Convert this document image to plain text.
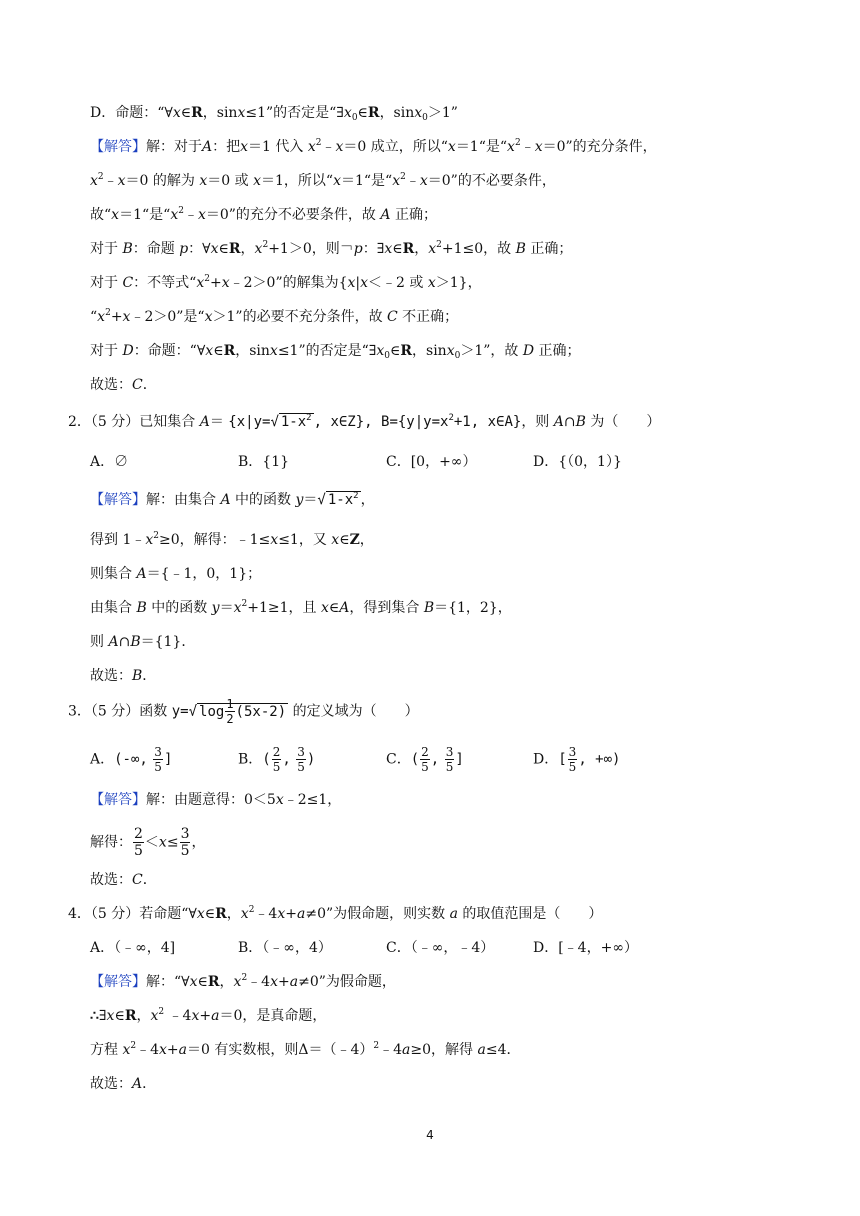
D．命题：“∀x∈R，sinx≤1”的否定是“$\exists x_0\in R$，sinx$_0$＞1”
【解答】解：对于A：把x＝1 代入 $x^2﹣x=0$ 成立，所以“x＝1“是“$x^2﹣x=0$”的充分条件，
$x^2﹣x=0$ 的解为 x＝0 或 x＝1，所以“x＝1“是“$x^2﹣x=0$”的不必要条件，
故“x＝1“是“$x^2﹣x=0$”的充分不必要条件，故 A 正确；
对于 B：命题 p：∀x∈R，$x^2+1>0$，则￢p：∃x∈R，$x^2+1\le 0$，故 B 正确；
对于 C：不等式“$x^2+x﹣2>0$”的解集为{x|x＜﹣2 或 x＞1}，
“$x^2+x﹣2>0$”是“x＞1”的必要不充分条件，故 C 不正确；
对于 D：命题：“∀x∈R，sinx≤1”的否定是“$\exists x_0\in R$，sinx$_0$＞1”，故 D 正确；
故选：C．
2．（5 分）已知集合 A＝ {x|y=√ $1-x^2$ , x∈Z}, $B=\{y|y=x^2+1$, x∈A}，则 A∩B 为（　　）
A．∅	B．{1}	C．[0，+∞）	D．{（0，1）}
【解答】解：由集合 A 中的函数 y＝√ $1-x^2$ ，
得到 $1﹣x^2\ge 0$，解得：﹣1≤x≤1，又 x∈Z，
则集合 A＝{﹣1，0，1}；
由集合 B 中的函数 $y=x^2+1\ge 1$，且 x∈A，得到集合 B＝{1，2}，
则 A∩B＝{1}．
故选：B．
3．（5 分）函数 y=√ $\log \frac{1}{2} (5x-2)$ 的定义域为（　　）
A．(-∞, $\frac{3}{5}$ ]	B．( $\frac{2}{5}$ , $\frac{3}{5}$ )	C．( $\frac{2}{5}$ , $\frac{3}{5}$ ]	D．[ $\frac{3}{5}$ , +∞)
【解答】解：由题意得：0＜5x﹣2≤1，
解得： $\frac{2}{5} <x\le \frac{3}{5}$ ，
故选：C．
4．（5 分）若命题“∀x∈R，$x^2﹣4x+a\ne 0$”为假命题，则实数 a 的取值范围是（　　）
A．（﹣∞，4]	B．（﹣∞，4）	C．（﹣∞，﹣4）	D．[﹣4，+∞）
【解答】解：“∀x∈R，$x^2﹣4x+a\ne 0$”为假命题，
∴∃x∈R，$x^2$ ﹣4x+a＝0，是真命题，
方程 $x^2﹣4x+a=0$ 有实数根，则Δ＝（﹣4）$^2$﹣4a≥0，解得 a≤4．
故选：A．
4
